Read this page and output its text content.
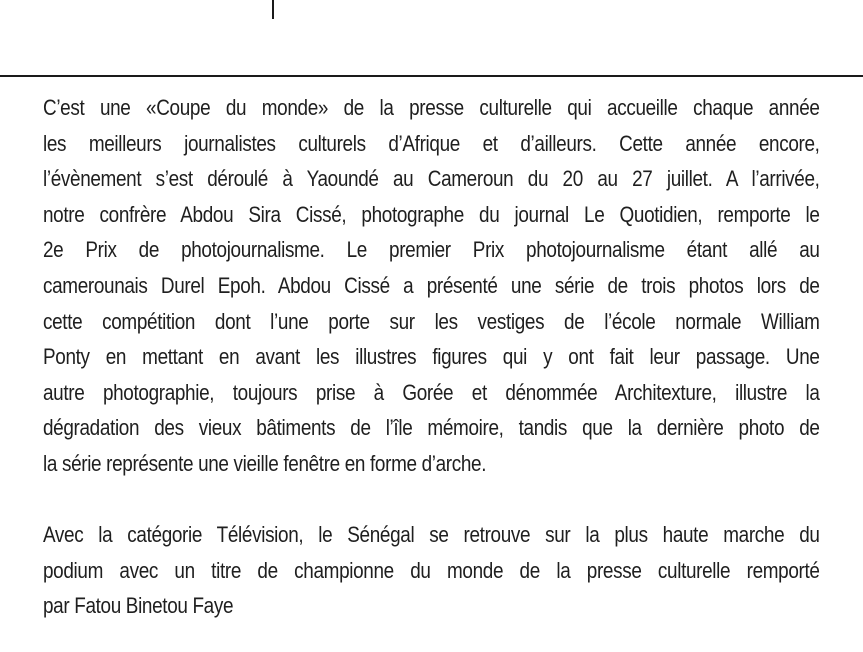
C’est une «Coupe du monde» de la presse culturelle qui accueille chaque année
les meilleurs journalistes culturels d’Afrique et d’ailleurs. Cette année encore,
l’évènement s’est déroulé à Yaoundé au Cameroun du 20 au 27 juillet. A l’arrivée,
notre confrère Abdou Sira Cissé, photographe du journal Le Quotidien, remporte le
2e Prix de photojournalisme. Le premier Prix photojournalisme étant allé au
camerounais Durel Epoh. Abdou Cissé a présenté une série de trois photos lors de
cette compétition dont l’une porte sur les vestiges de l’école normale William
Ponty en mettant en avant les illustres figures qui y ont fait leur passage. Une
autre photographie, toujours prise à Gorée et dénommée Architexture, illustre la
dégradation des vieux bâtiments de l’île mémoire, tandis que la dernière photo de
la série représente une vieille fenêtre en forme d’arche.

Avec la catégorie Télévision, le Sénégal se retrouve sur la plus haute marche du
podium avec un titre de championne du monde de la presse culturelle remporté
par Fatou Binetou Faye
